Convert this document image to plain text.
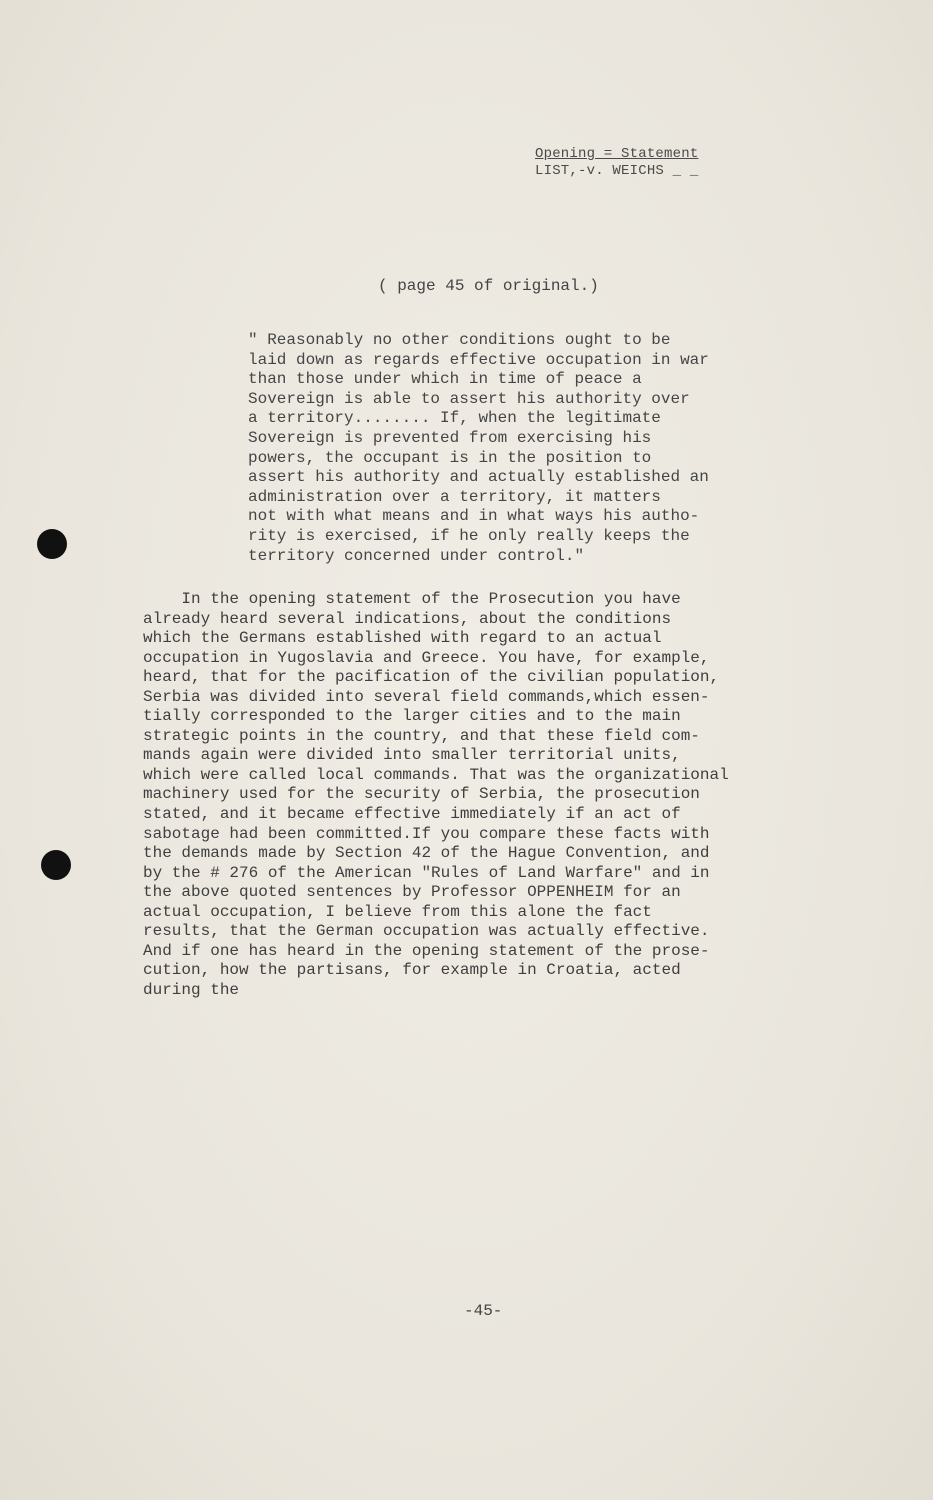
Opening = Statement
LIST,-v. WEICHS _ _
( page 45 of original.)
" Reasonably no other conditions ought to be
laid down as regards effective occupation in war
than those under which in time of peace a
Sovereign is able to assert his authority over
a territory........ If, when the legitimate
Sovereign is prevented from exercising his
powers, the occupant is in the position to
assert his authority and actually established an
administration over a territory, it matters
not with what means and in what ways his autho-
rity is exercised, if he only really keeps the
territory concerned under control."
In the opening statement of the Prosecution you have
already heard several indications, about the conditions
which the Germans established with regard to an actual
occupation in Yugoslavia and Greece. You have, for example,
heard, that for the pacification of the civilian population,
Serbia was divided into several field commands,which essen-
tially corresponded to the larger cities and to the main
strategic points in the country, and that these field com-
mands again were divided into smaller territorial units,
which were called local commands. That was the organizational
machinery used for the security of Serbia, the prosecution
stated, and it became effective immediately if an act of
sabotage had been committed.If you compare these facts with
the demands made by Section 42 of the Hague Convention, and
by the # 276 of the American "Rules of Land Warfare" and in
the above quoted sentences by Professor OPPENHEIM for an
actual occupation, I believe from this alone the fact
results, that the German occupation was actually effective.
And if one has heard in the opening statement of the prose-
cution, how the partisans, for example in Croatia, acted
during the
-45-
